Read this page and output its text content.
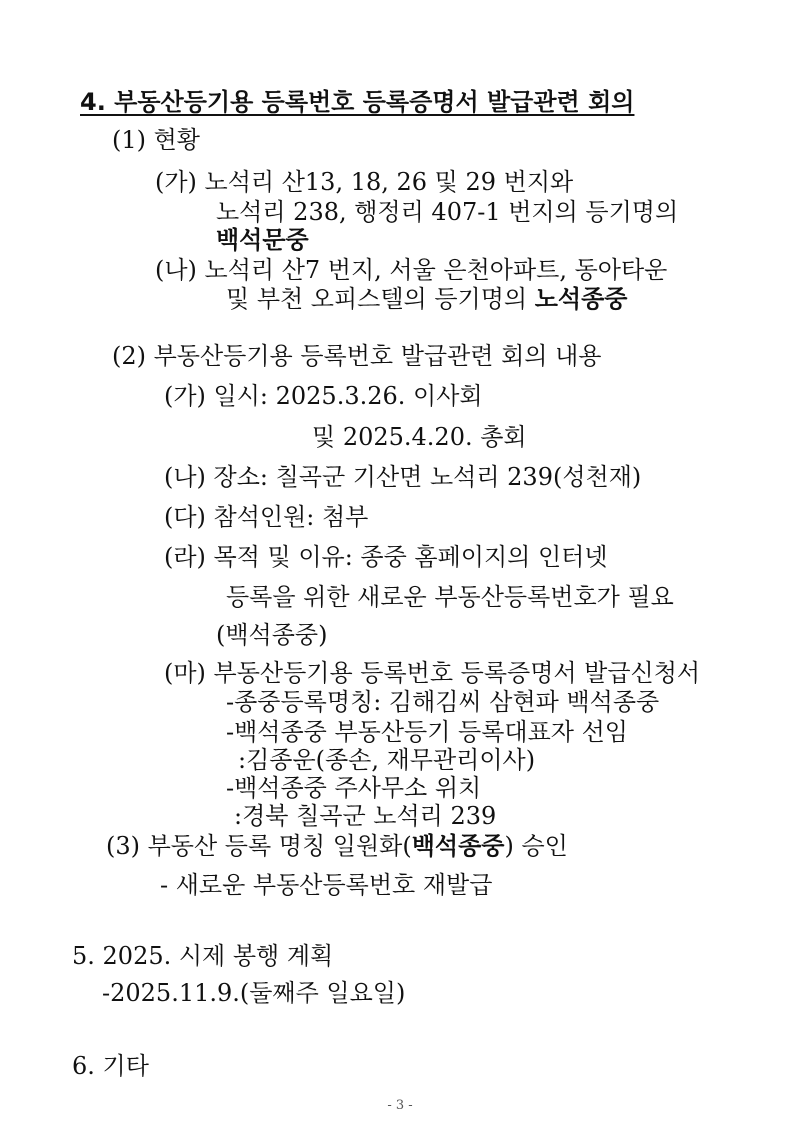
4. 부동산등기용 등록번호 등록증명서 발급관련 회의
(1) 현황
(가) 노석리 산13, 18, 26 및 29 번지와
노석리 238, 행정리 407-1 번지의 등기명의
백석문중
(나) 노석리 산7 번지, 서울 은천아파트, 동아타운
및 부천 오피스텔의 등기명의 노석종중
(2) 부동산등기용 등록번호 발급관련 회의 내용
(가) 일시: 2025.3.26. 이사회
및 2025.4.20. 총회
(나) 장소: 칠곡군 기산면 노석리 239(성천재)
(다) 참석인원: 첨부
(라) 목적 및 이유: 종중 홈페이지의 인터넷
등록을 위한 새로운 부동산등록번호가 필요
(백석종중)
(마) 부동산등기용 등록번호 등록증명서 발급신청서
-종중등록명칭: 김해김씨 삼현파 백석종중
-백석종중 부동산등기 등록대표자 선임
:김종운(종손, 재무관리이사)
-백석종중 주사무소 위치
:경북 칠곡군 노석리 239
(3) 부동산 등록 명칭 일원화(백석종중) 승인
- 새로운 부동산등록번호 재발급
5. 2025. 시제 봉행 계획
-2025.11.9.(둘째주 일요일)
6. 기타
- 3 -
